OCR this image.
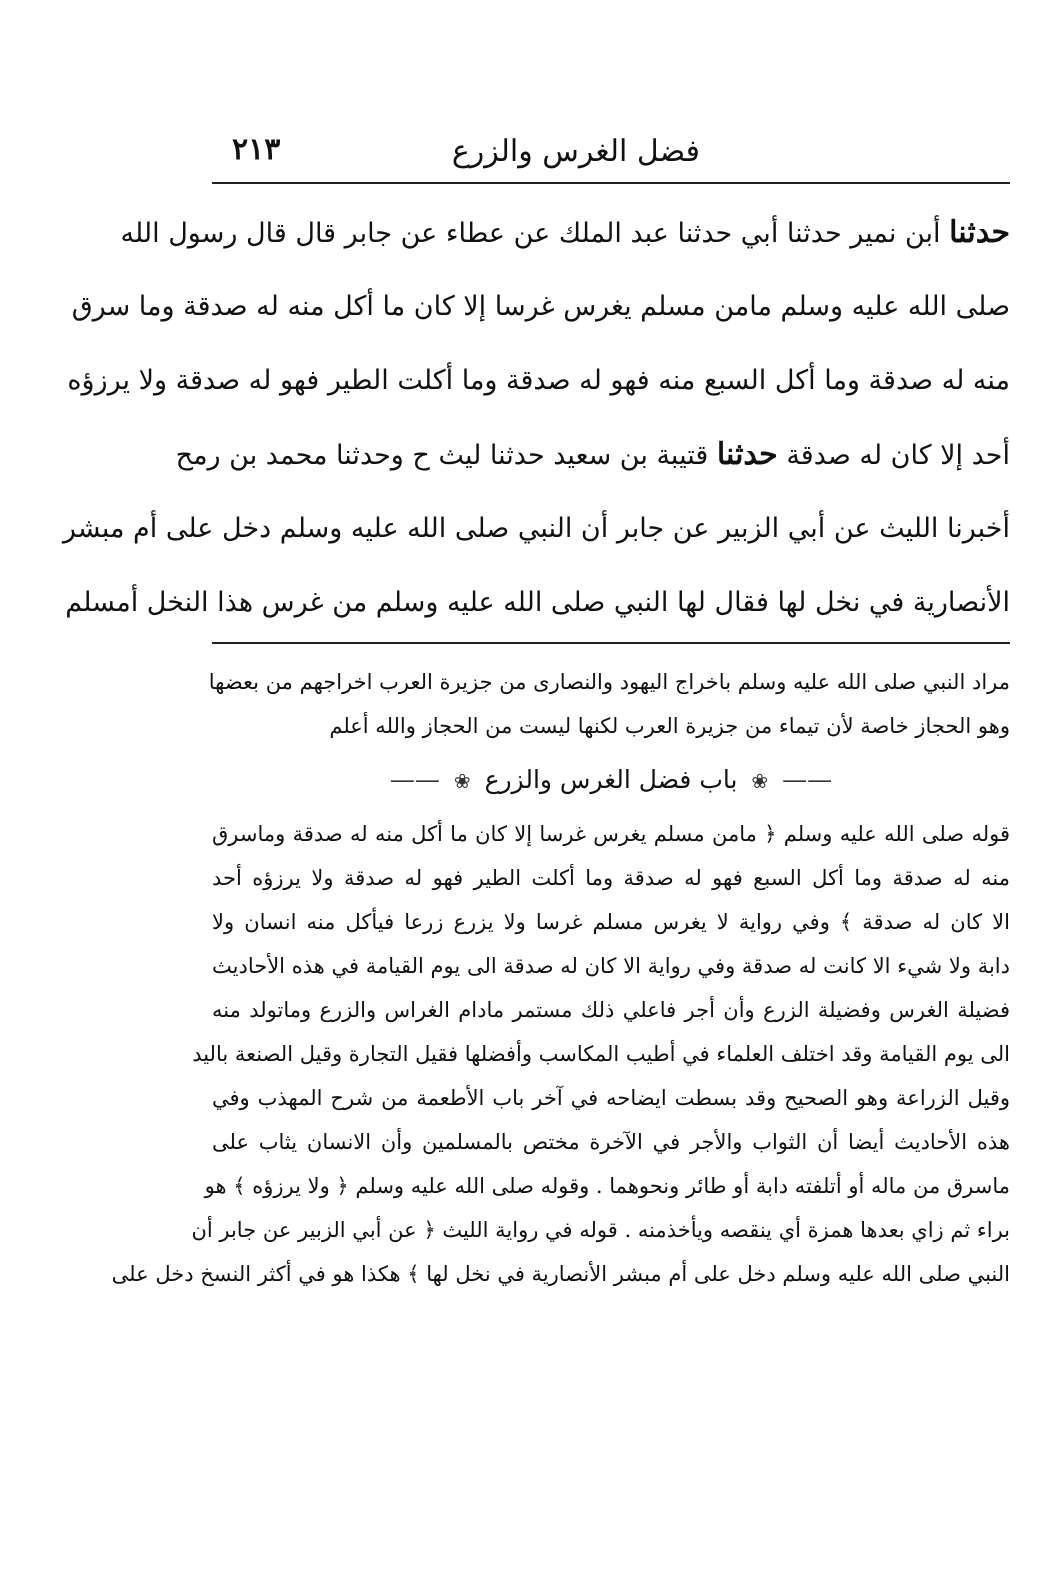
فضل الغرس والزرع
٢١٣
حدثنا أبن نمير حدثنا أبي حدثنا عبد الملك عن عطاء عن جابر قال قال رسول الله
صلى الله عليه وسلم مامن مسلم يغرس غرسا إلا كان ما أكل منه له صدقة وما سرق
منه له صدقة وما أكل السبع منه فهو له صدقة وما أكلت الطير فهو له صدقة ولا يرزؤه
أحد إلا كان له صدقة حدثنا قتيبة بن سعيد حدثنا ليث ح وحدثنا محمد بن رمح
أخبرنا الليث عن أبي الزبير عن جابر أن النبي صلى الله عليه وسلم دخل على أم مبشر
الأنصارية في نخل لها فقال لها النبي صلى الله عليه وسلم من غرس هذا النخل أمسلم
مراد النبي صلى الله عليه وسلم باخراج اليهود والنصارى من جزيرة العرب اخراجهم من بعضها
وهو الحجاز خاصة لأن تيماء من جزيرة العرب لكنها ليست من الحجاز والله أعلم
—— ❀ باب فضل الغرس والزرع ❀ ——
قوله صلى الله عليه وسلم ﴿ مامن مسلم يغرس غرسا إلا كان ما أكل منه له صدقة وماسرق
منه له صدقة وما أكل السبع فهو له صدقة وما أكلت الطير فهو له صدقة ولا يرزؤه أحد
الا كان له صدقة ﴾ وفي رواية لا يغرس مسلم غرسا ولا يزرع زرعا فيأكل منه انسان ولا
دابة ولا شيء الا كانت له صدقة وفي رواية الا كان له صدقة الى يوم القيامة في هذه الأحاديث
فضيلة الغرس وفضيلة الزرع وأن أجر فاعلي ذلك مستمر مادام الغراس والزرع وماتولد منه
الى يوم القيامة وقد اختلف العلماء في أطيب المكاسب وأفضلها فقيل التجارة وقيل الصنعة باليد
وقيل الزراعة وهو الصحيح وقد بسطت ايضاحه في آخر باب الأطعمة من شرح المهذب وفي
هذه الأحاديث أيضا أن الثواب والأجر في الآخرة مختص بالمسلمين وأن الانسان يثاب على
ماسرق من ماله أو أتلفته دابة أو طائر ونحوهما . وقوله صلى الله عليه وسلم ﴿ ولا يرزؤه ﴾ هو
براء ثم زاي بعدها همزة أي ينقصه ويأخذمنه . قوله في رواية الليث ﴿ عن أبي الزبير عن جابر أن
النبي صلى الله عليه وسلم دخل على أم مبشر الأنصارية في نخل لها ﴾ هكذا هو في أكثر النسخ دخل على
